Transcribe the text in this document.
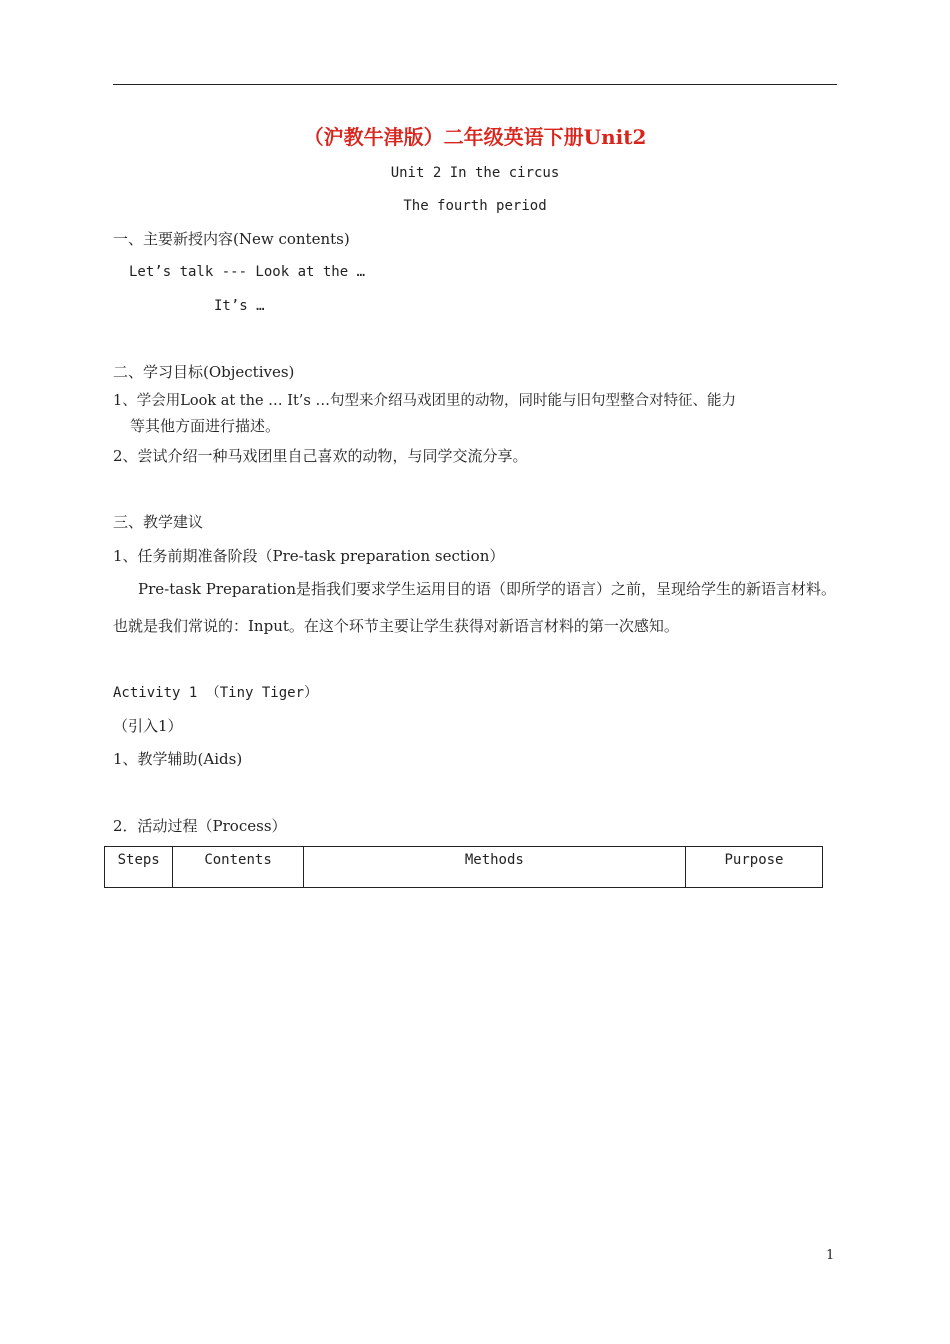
（沪教牛津版）二年级英语下册Unit2
Unit 2 In the circus
The fourth period
一、主要新授内容(New contents)
Let’s talk --- Look at the …
It’s …
二、学习目标(Objectives)
1、学会用Look at the … It’s …句型来介绍马戏团里的动物，同时能与旧句型整合对特征、能力
等其他方面进行描述。
2、尝试介绍一种马戏团里自己喜欢的动物，与同学交流分享。
三、教学建议
1、任务前期准备阶段（Pre-task preparation section）

Pre-task Preparation是指我们要求学生运用目的语（即所学的语言）之前，呈现给学生的新语言材料。也就是我们常说的：Input。在这个环节主要让学生获得对新语言材料的第一次感知。

Activity 1 （Tiny Tiger）
（引入1）
1、教学辅助(Aids)
2．活动过程（Process）
Steps	Contents	Methods	Purpose
1
